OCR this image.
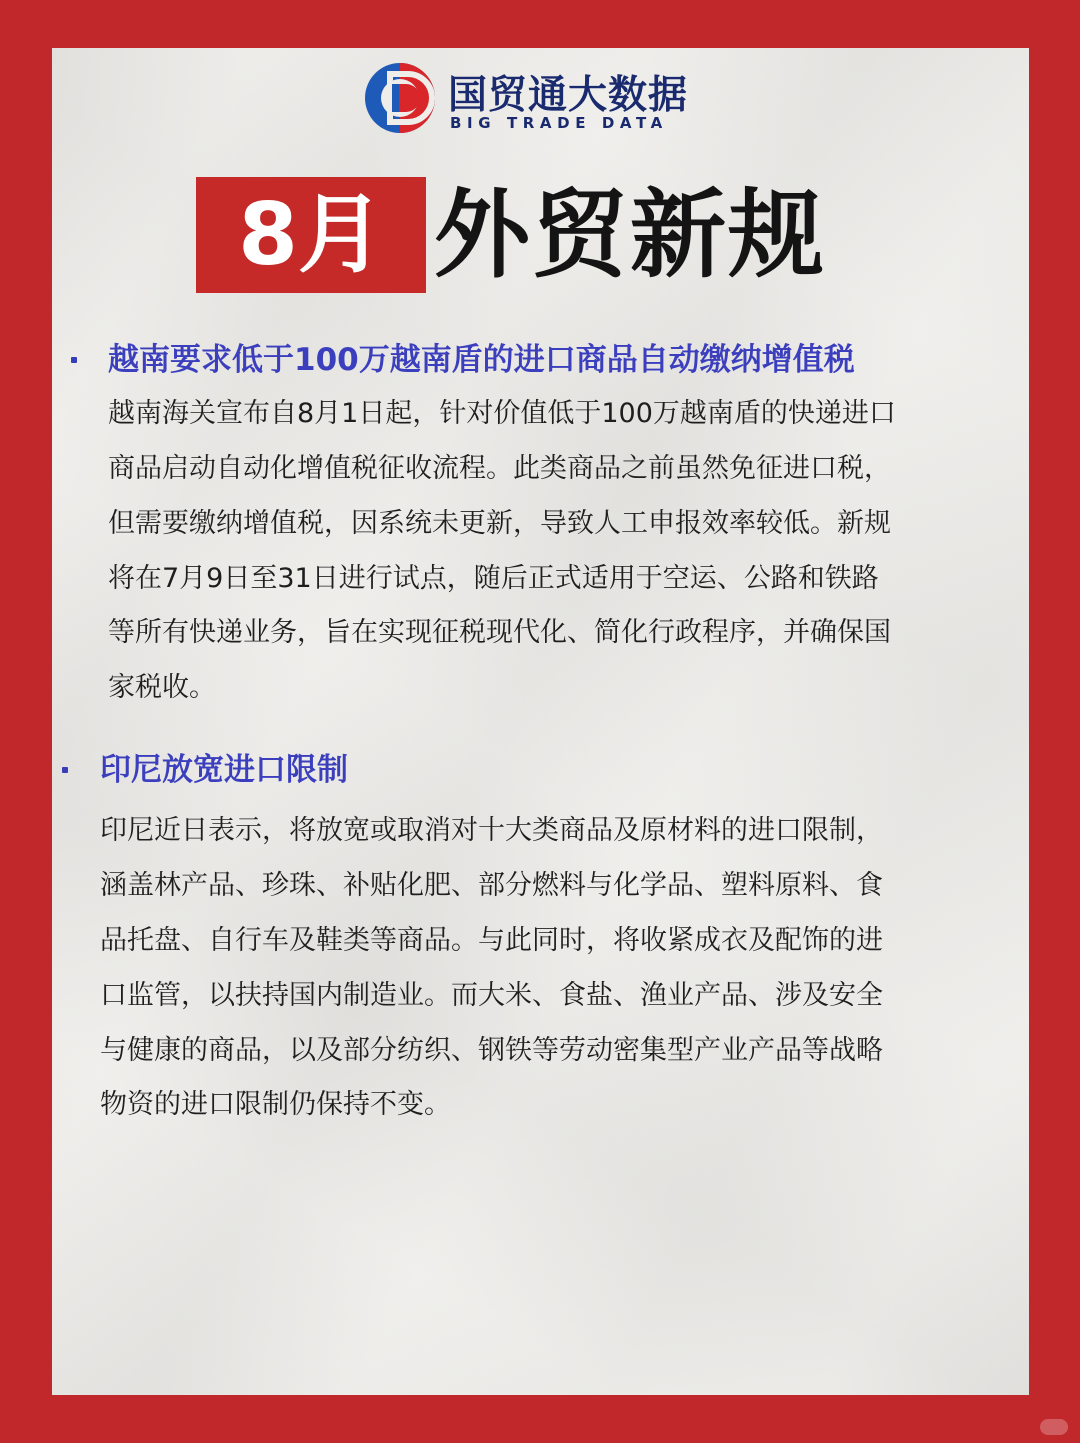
国贸通大数据
BIG TRADE DATA
8月 外贸新规
越南要求低于100万越南盾的进口商品自动缴纳增值税
越南海关宣布自8月1日起，针对价值低于100万越南盾的快递进口
商品启动自动化增值税征收流程。此类商品之前虽然免征进口税，
但需要缴纳增值税，因系统未更新，导致人工申报效率较低。新规
将在7月9日至31日进行试点，随后正式适用于空运、公路和铁路
等所有快递业务，旨在实现征税现代化、简化行政程序，并确保国
家税收。
印尼放宽进口限制
印尼近日表示，将放宽或取消对十大类商品及原材料的进口限制，
涵盖林产品、珍珠、补贴化肥、部分燃料与化学品、塑料原料、食
品托盘、自行车及鞋类等商品。与此同时，将收紧成衣及配饰的进
口监管，以扶持国内制造业。而大米、食盐、渔业产品、涉及安全
与健康的商品，以及部分纺织、钢铁等劳动密集型产业产品等战略
物资的进口限制仍保持不变。
